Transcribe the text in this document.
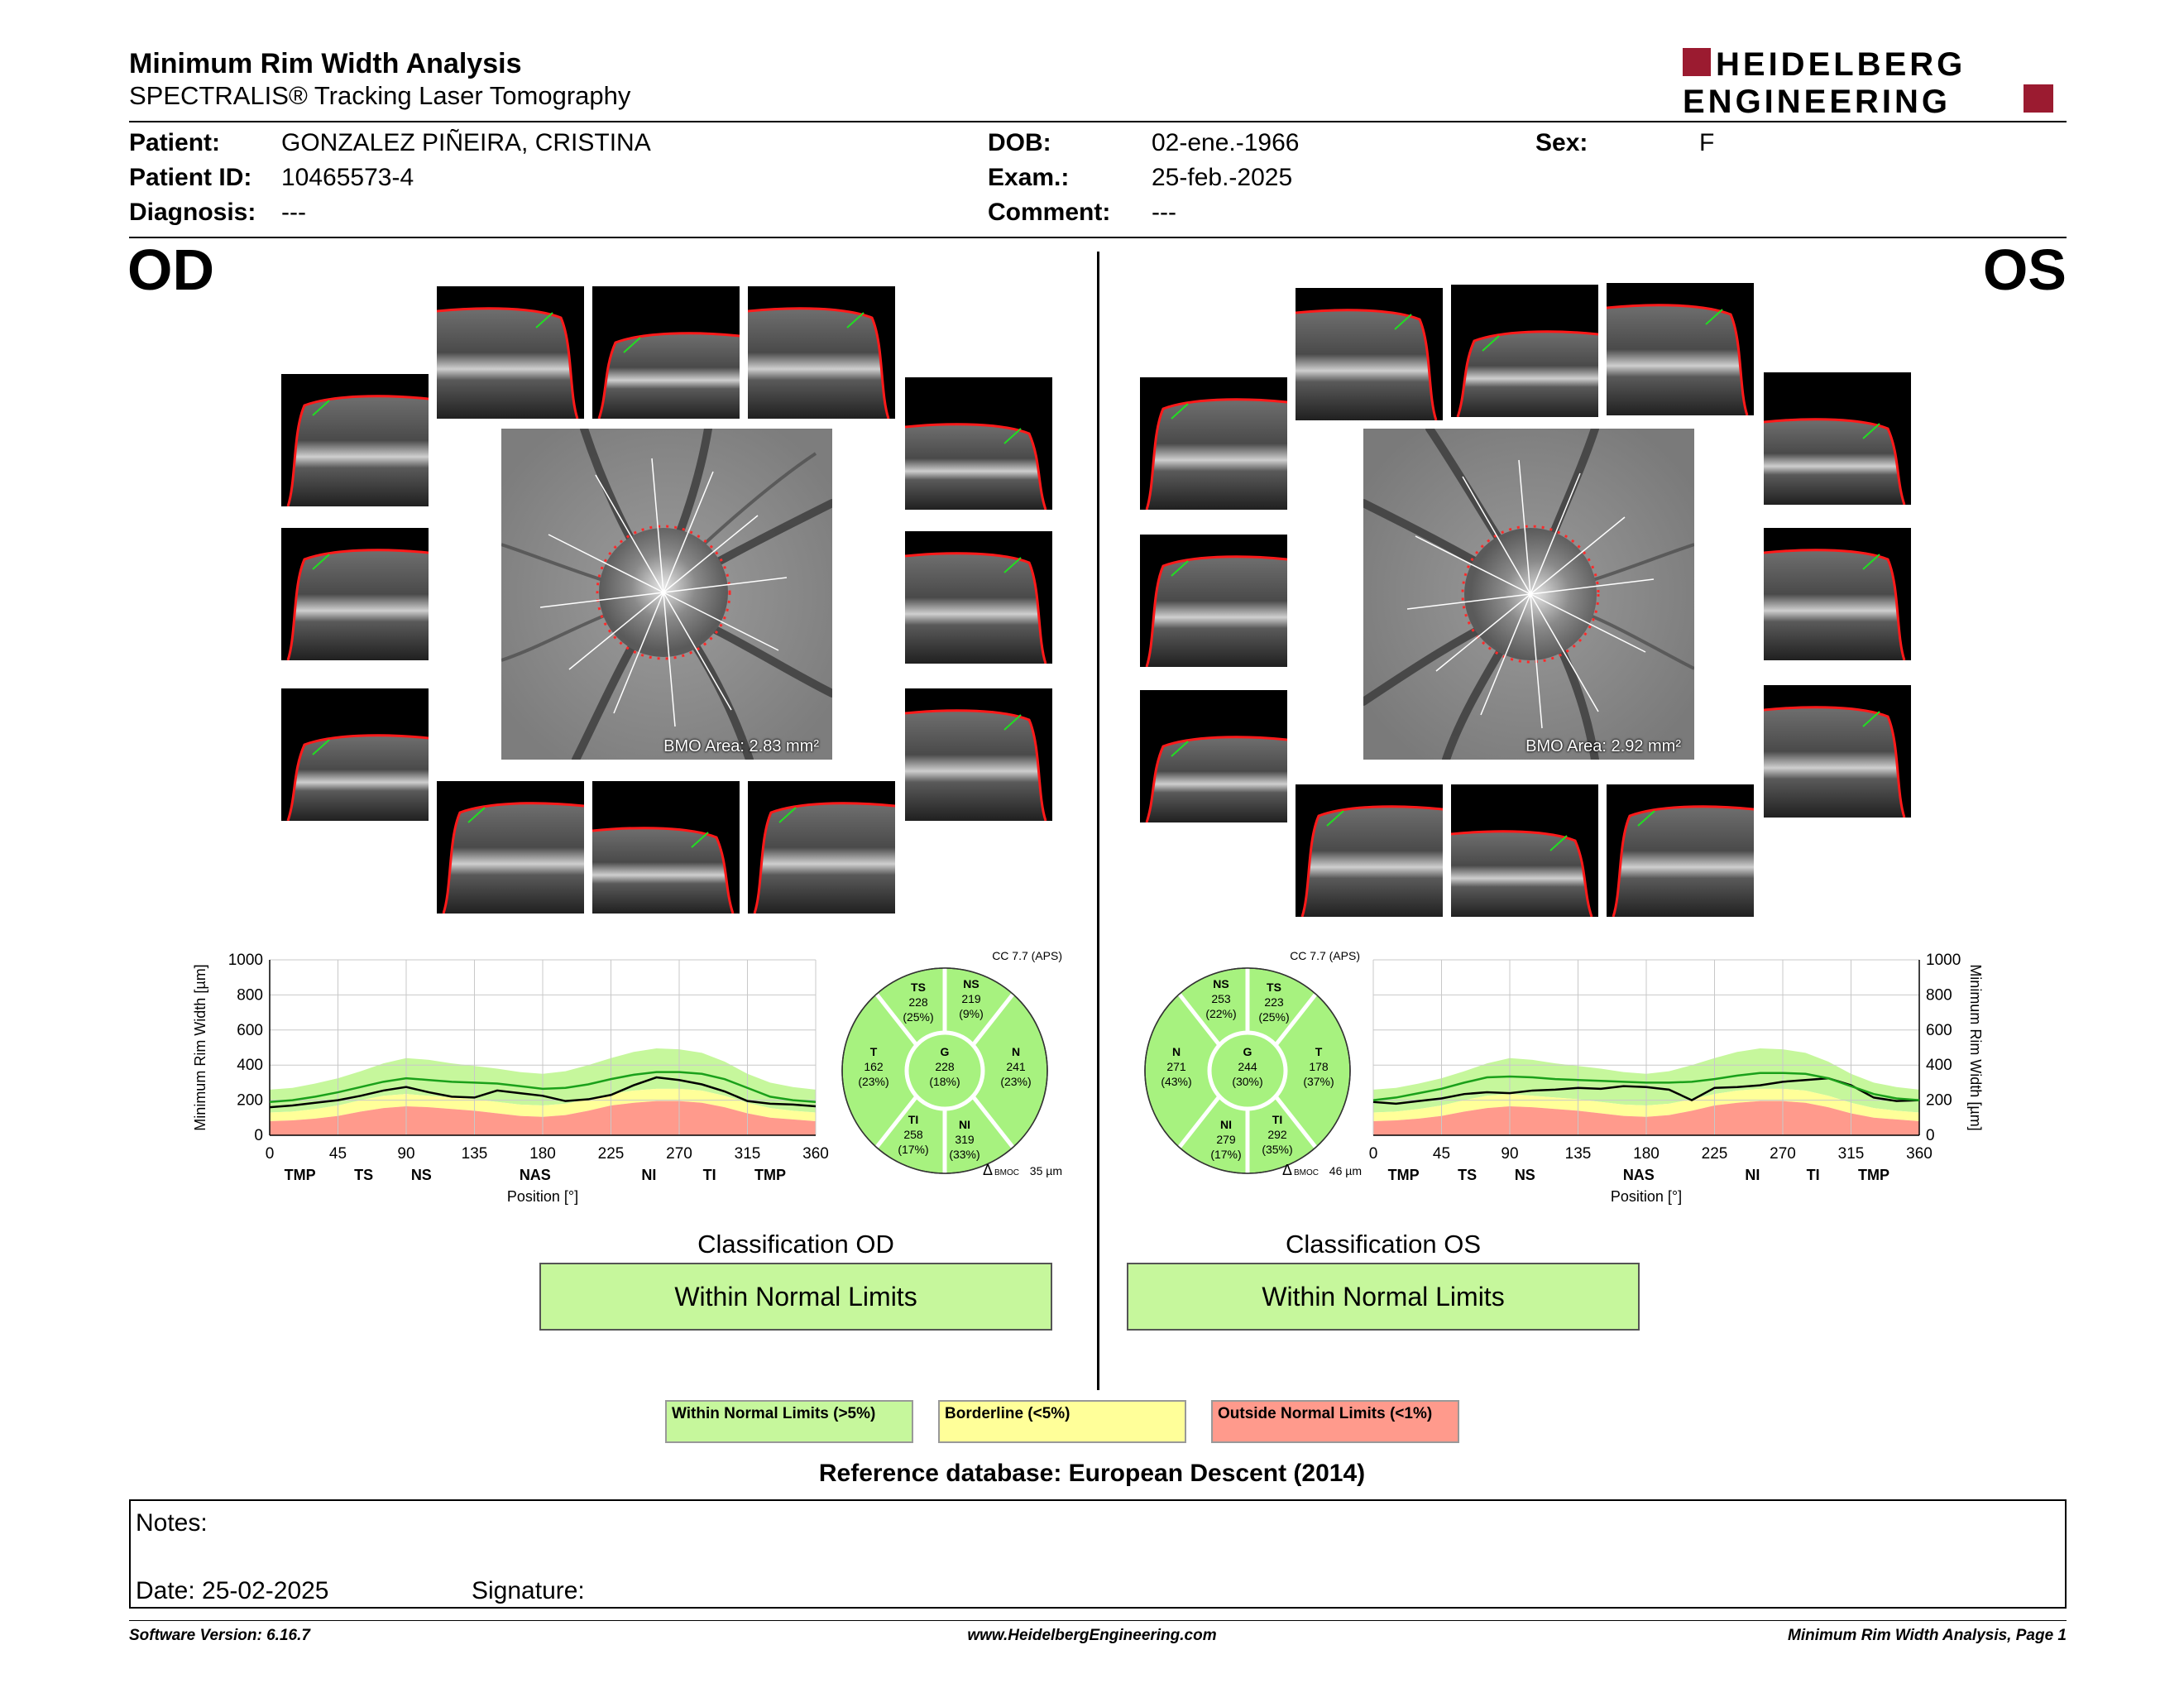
Minimum Rim Width Analysis
SPECTRALIS® Tracking Laser Tomography
HEIDELBERG
ENGINEERING
Patient: GONZALEZ PIÑEIRA, CRISTINA
Patient ID: 10465573-4
Diagnosis: ---
DOB:	02-ene.-1966
Exam.:	25-feb.-2025
Comment: ---
Sex:	F
OD	OS
BMO Area: 2.83 mm²	BMO Area: 2.92 mm²
0
200
400
600
800
1000
0	45	90	135	180	225	270	315	360
TMP	TS	NS	NAS	NI	TI	TMP
Position [°]
Minimum Rim Width [µm]
0
200
400
600
800
1000
0	45	90	135	180	225	270	315	360
TMP	TS	NS	NAS	NI	TI	TMP
Position [°]
Minimum Rim Width [µm]
CC 7.7 (APS)
TS
228
(25%)
NS
219
(9%)
T
162
(23%)
G
228
(18%)
N
241
(23%)
TI
258
(17%)
NI
319
(33%)
Δ BMOC 35 µm
CC 7.7 (APS)
NS
253
(22%)
TS
223
(25%)
N
271
(43%)
G
244
(30%)
T
178
(37%)
NI
279
(17%)
TI
292
(35%)
Δ BMOC 46 µm
Classification OD
Within Normal Limits
Classification OS
Within Normal Limits
Within Normal Limits (>5%)	Borderline (<5%)	Outside Normal Limits (<1%)
Reference database: European Descent (2014)
Notes:
Date: 25-02-2025	Signature:
Software Version: 6.16.7	www.HeidelbergEngineering.com	Minimum Rim Width Analysis, Page 1
